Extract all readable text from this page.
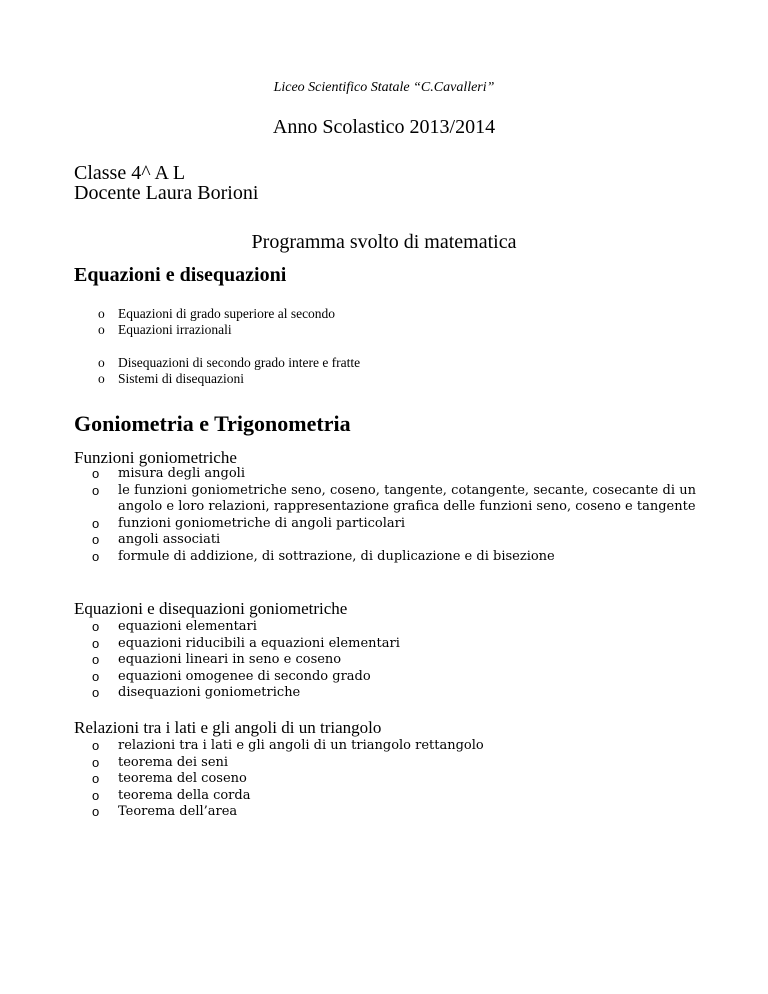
Liceo Scientifico Statale “C.Cavalleri”
Anno Scolastico 2013/2014
Classe 4^ A L
Docente Laura Borioni
Programma svolto di matematica
Equazioni e disequazioni
o Equazioni di grado superiore al secondo
o Equazioni irrazionali
o Disequazioni di secondo grado intere e fratte
o Sistemi di disequazioni
Goniometria e Trigonometria
Funzioni goniometriche
o misura degli angoli
o le funzioni goniometriche seno, coseno, tangente, cotangente, secante, cosecante di un angolo e loro relazioni, rappresentazione grafica delle funzioni seno, coseno e tangente
o funzioni goniometriche di angoli particolari
o angoli associati
o formule di addizione, di sottrazione, di duplicazione e di bisezione
Equazioni e disequazioni goniometriche
o equazioni elementari
o equazioni riducibili a equazioni elementari
o equazioni lineari in seno e coseno
o equazioni omogenee di secondo grado
o disequazioni goniometriche
Relazioni tra i lati e gli angoli di un triangolo
o relazioni tra i lati e gli angoli di un triangolo rettangolo
o teorema dei seni
o teorema del coseno
o teorema della corda
o Teorema dell’area
